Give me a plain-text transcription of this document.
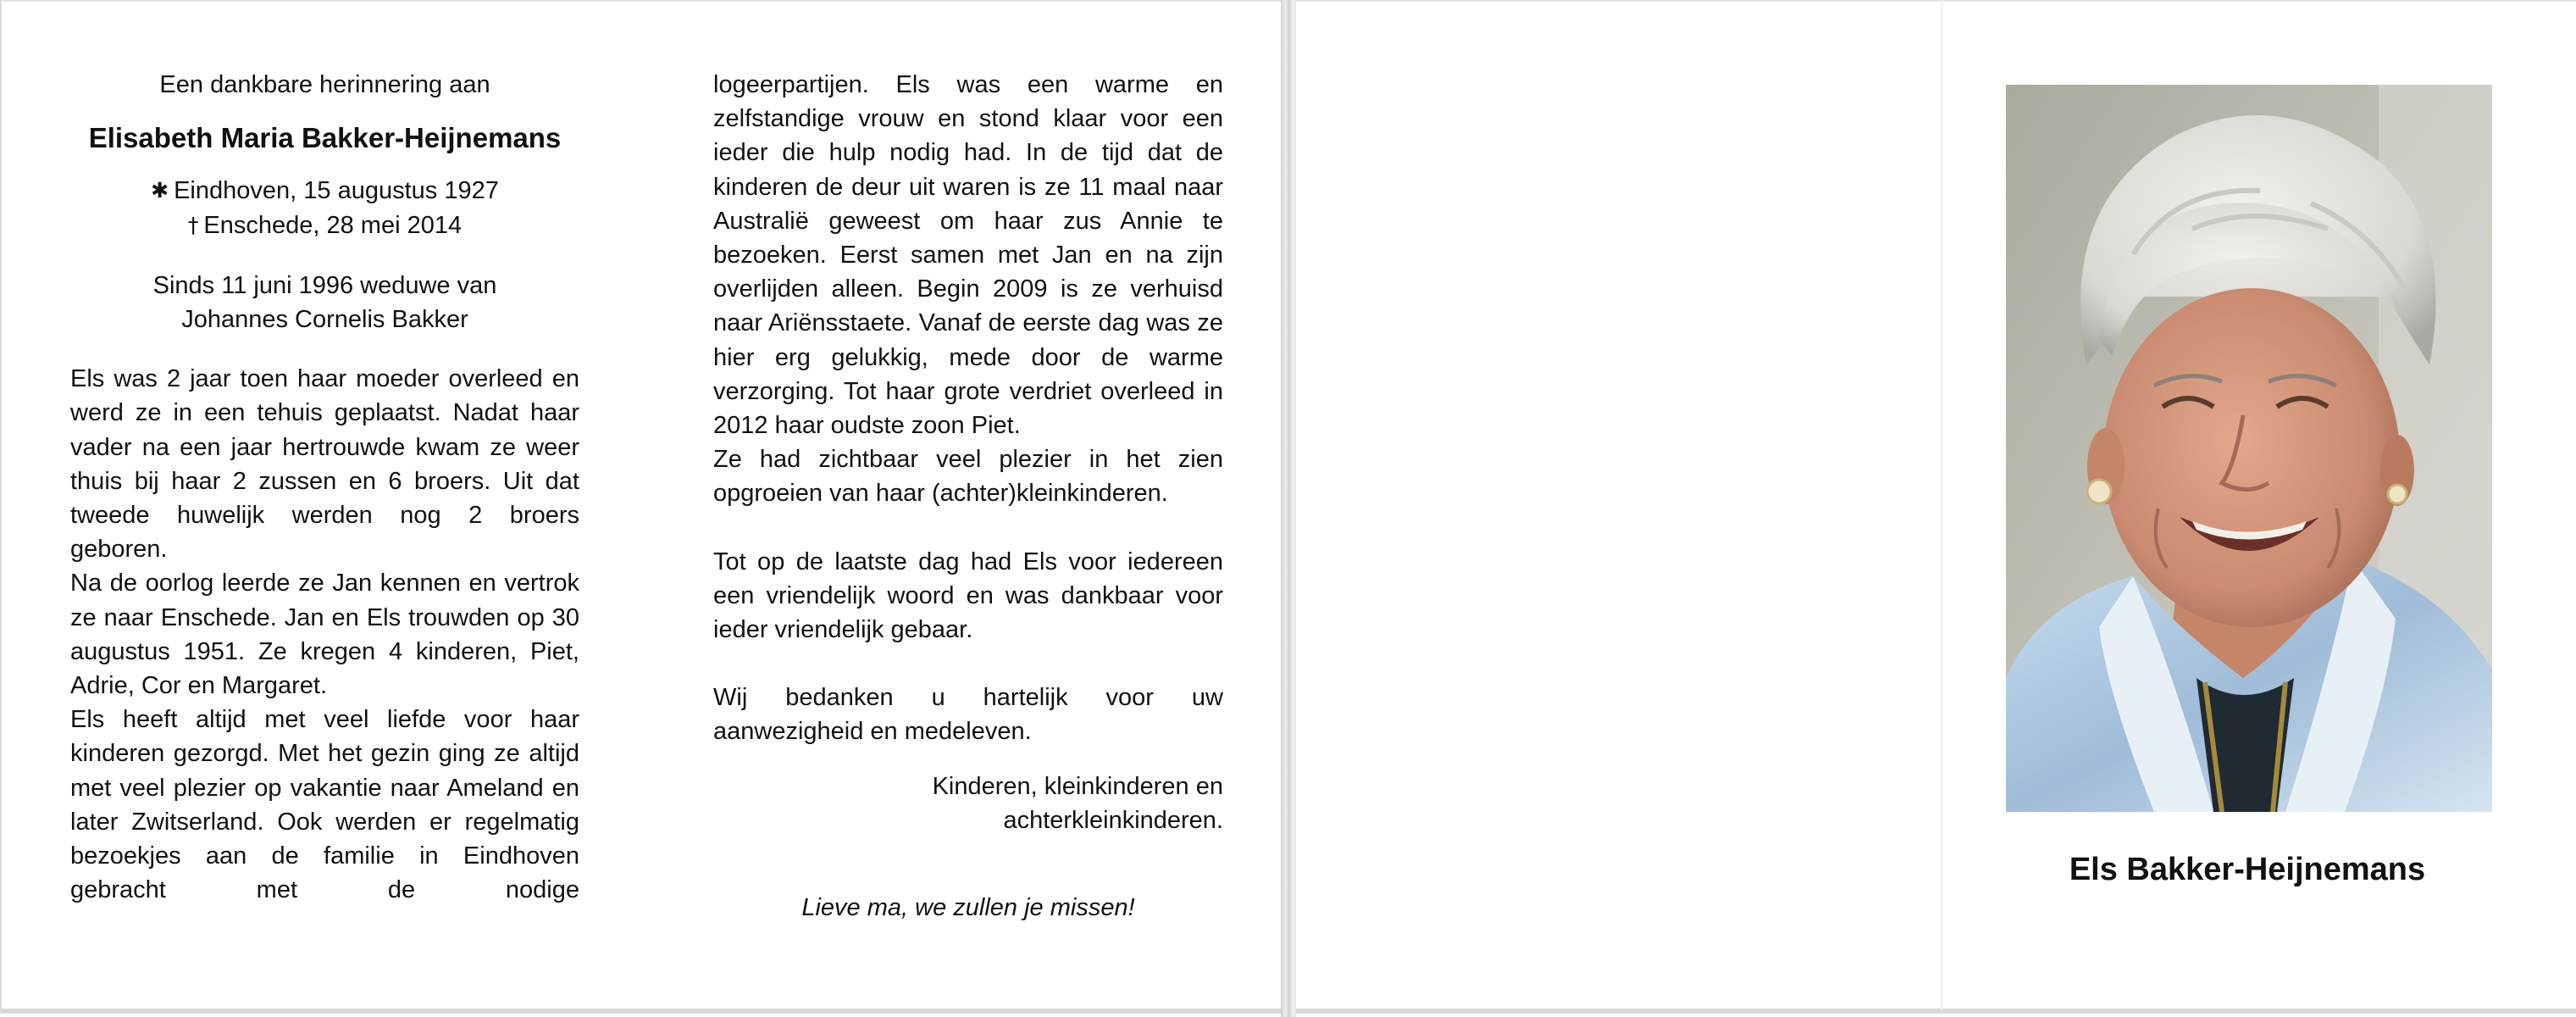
Een dankbare herinnering aan
Elisabeth Maria Bakker-Heijnemans
✱ Eindhoven, 15 augustus 1927
† Enschede, 28 mei 2014
Sinds 11 juni 1996 weduwe van
Johannes Cornelis Bakker
Els was 2 jaar toen haar moeder overleed en werd ze in een tehuis geplaatst. Nadat haar vader na een jaar hertrouwde kwam ze weer thuis bij haar 2 zussen en 6 broers. Uit dat tweede huwelijk werden nog 2 broers geboren.
Na de oorlog leerde ze Jan kennen en vertrok ze naar Enschede. Jan en Els trouwden op 30 augustus 1951. Ze kregen 4 kinderen, Piet, Adrie, Cor en Margaret.
Els heeft altijd met veel liefde voor haar kinderen gezorgd. Met het gezin ging ze altijd met veel plezier op vakantie naar Ameland en later Zwitserland. Ook werden er regelmatig bezoekjes aan de familie in Eindhoven gebracht met de nodige
logeerpartijen. Els was een warme en zelfstandige vrouw en stond klaar voor een ieder die hulp nodig had. In de tijd dat de kinderen de deur uit waren is ze 11 maal naar Australië geweest om haar zus Annie te bezoeken. Eerst samen met Jan en na zijn overlijden alleen. Begin 2009 is ze verhuisd naar Ariënsstaete. Vanaf de eerste dag was ze hier erg gelukkig, mede door de warme verzorging. Tot haar grote verdriet overleed in 2012 haar oudste zoon Piet.
Ze had zichtbaar veel plezier in het zien opgroeien van haar (achter)kleinkinderen.
Tot op de laatste dag had Els voor iedereen een vriendelijk woord en was dankbaar voor ieder vriendelijk gebaar.
Wij bedanken u hartelijk voor uw aanwezigheid en medeleven.
Kinderen, kleinkinderen en
achterkleinkinderen.
Lieve ma, we zullen je missen!
Els Bakker-Heijnemans
